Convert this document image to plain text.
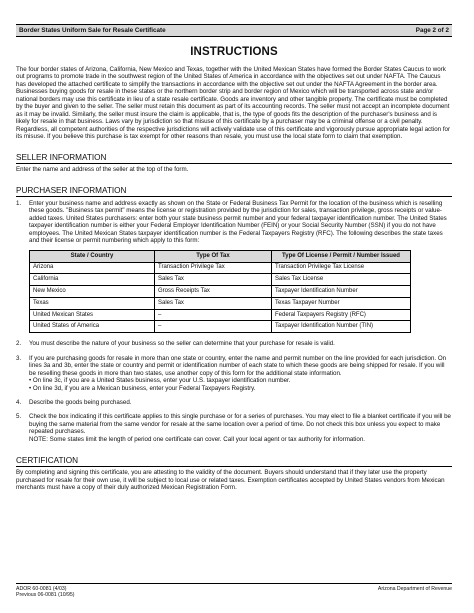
Border States Uniform Sale for Resale Certificate	Page 2 of 2
INSTRUCTIONS

The four border states of Arizona, California, New Mexico and Texas, together with the United Mexican States have formed the Border States Caucus to work out programs to promote trade in the southwest region of the United States of America in accordance with the objectives set out under NAFTA. The Caucus has developed the attached certificate to simplify the transactions in accordance with the objective set out under the NAFTA Agreement in the border area. Businesses buying goods for resale in these states or the northern border strip and border region of Mexico which will be transported across state and/or national borders may use this certificate in lieu of a state resale certificate. Goods are inventory and other tangible property. The certificate must be completed by the buyer and given to the seller. The seller must retain this document as part of its accounting records. The seller must not accept an incomplete document as it may be invalid. Similarly, the seller must insure the claim is applicable, that is, the type of goods fits the description of the purchaser's business and is likely for resale in that business. Laws vary by jurisdiction so that misuse of this certificate by a purchaser may be a criminal offense or a civil penalty. Regardless, all competent authorities of the respective jurisdictions will actively validate use of this certificate and vigorously pursue appropriate legal action for its misuse. If you believe this purchase is tax exempt for other reasons than resale, you must use the local state form to claim that exemption.

SELLER INFORMATION

Enter the name and address of the seller at the top of the form.

PURCHASER INFORMATION
1.	Enter your business name and address exactly as shown on the State or Federal Business Tax Permit for the location of the business which is reselling these goods. "Business tax permit" means the license or registration provided by the jurisdiction for sales, transaction privilege, gross receipts or value-added taxes. United States purchasers: enter both your state business permit number and your federal taxpayer identification number. The United States taxpayer identification number is either your Federal Employer Identification Number (FEIN) or your Social Security Number (SSN) if you do not have employees. The United Mexican States taxpayer identification number is the Federal Taxpayers Registry (RFC). The following describes the state taxes and their license or permit numbering which apply to this form:

State / Country	Type Of Tax	Type Of License / Permit / Number Issued
Arizona	Transaction Privilege Tax	Transaction Privilege Tax License
California	Sales Tax	Sales Tax License
New Mexico	Gross Receipts Tax	Taxpayer Identification Number
Texas	Sales Tax	Texas Taxpayer Number
United Mexican States	–	Federal Taxpayers Registry (RFC)
United States of America	–	Taxpayer Identification Number (TIN)
2.	You must describe the nature of your business so the seller can determine that your purchase for resale is valid.

3.	If you are purchasing goods for resale in more than one state or country, enter the name and permit number on the line provided for each jurisdiction. On lines 3a and 3b, enter the state or country and permit or identification number of each state to which these goods are being shipped for resale. If you will be reselling these goods in more than two states, use another copy of this form for the additional state information.

• On line 3c, if you are a United States business, enter your U.S. taxpayer identification number.
• On line 3d, if you are a Mexican business, enter your Federal Taxpayers Registry.
4.	Describe the goods being purchased.

5.	Check the box indicating if this certificate applies to this single purchase or for a series of purchases. You may elect to file a blanket certificate if you will be buying the same material from the same vendor for resale at the same location over a period of time. Do not check this box unless you expect to make repeated purchases.

NOTE: Some states limit the length of period one certificate can cover. Call your local agent or tax authority for information.

CERTIFICATION

By completing and signing this certificate, you are attesting to the validity of the document. Buyers should understand that if they later use the property purchased for resale for their own use, it will be subject to local use or related taxes. Exemption certificates accepted by United States vendors from Mexican merchants must have a copy of their duly authorized Mexican Registration Form.

ADOR 60-0081 (4/03)
Previous 06-0081 (10/95)
Arizona Department of Revenue
